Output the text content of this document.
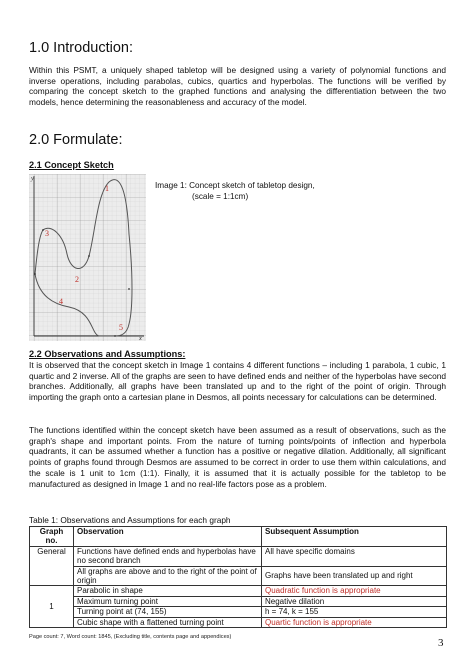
1.0 Introduction:
Within this PSMT, a uniquely shaped tabletop will be designed using a variety of polynomial functions and inverse operations, including parabolas, cubics, quartics and hyperbolas. The functions will be verified by comparing the concept sketch to the graphed functions and analysing the differentiation between the two models, hence determining the reasonableness and accuracy of the model.
2.0 Formulate:
2.1 Concept Sketch
y
x
1
2
3
4
5
Image 1: Concept sketch of tabletop design,
(scale = 1:1cm)
2.2 Observations and Assumptions:
It is observed that the concept sketch in Image 1 contains 4 different functions – including 1 parabola, 1 cubic, 1 quartic and 2 inverse. All of the graphs are seen to have defined ends and neither of the hyperbolas have second branches. Additionally, all graphs have been translated up and to the right of the point of origin. Through importing the graph onto a cartesian plane in Desmos, all points necessary for calculations can be determined.
The functions identified within the concept sketch have been assumed as a result of observations, such as the graph's shape and important points. From the nature of turning points/points of inflection and hyperbola quadrants, it can be assumed whether a function has a positive or negative dilation. Additionally, all significant points of graphs found through Desmos are assumed to be correct in order to use them within calculations, and the scale is 1 unit to 1cm (1:1). Finally, it is assumed that it is actually possible for the tabletop to be manufactured as designed in Image 1 and no real-life factors pose as a problem.
Table 1: Observations and Assumptions for each graph
Graph no.	Observation	Subsequent Assumption
General	Functions have defined ends and hyperbolas have no second branch	All have specific domains
	All graphs are above and to the right of the point of origin	Graphs have been translated up and right
1	Parabolic in shape	Quadratic function is appropriate
	Maximum turning point	Negative dilation
	Turning point at (74, 155)	h = 74, k = 155
	Cubic shape with a flattened turning point	Quartic function is appropriate
Page count: 7, Word count: 1845, (Excluding title, contents page and appendices)	3
